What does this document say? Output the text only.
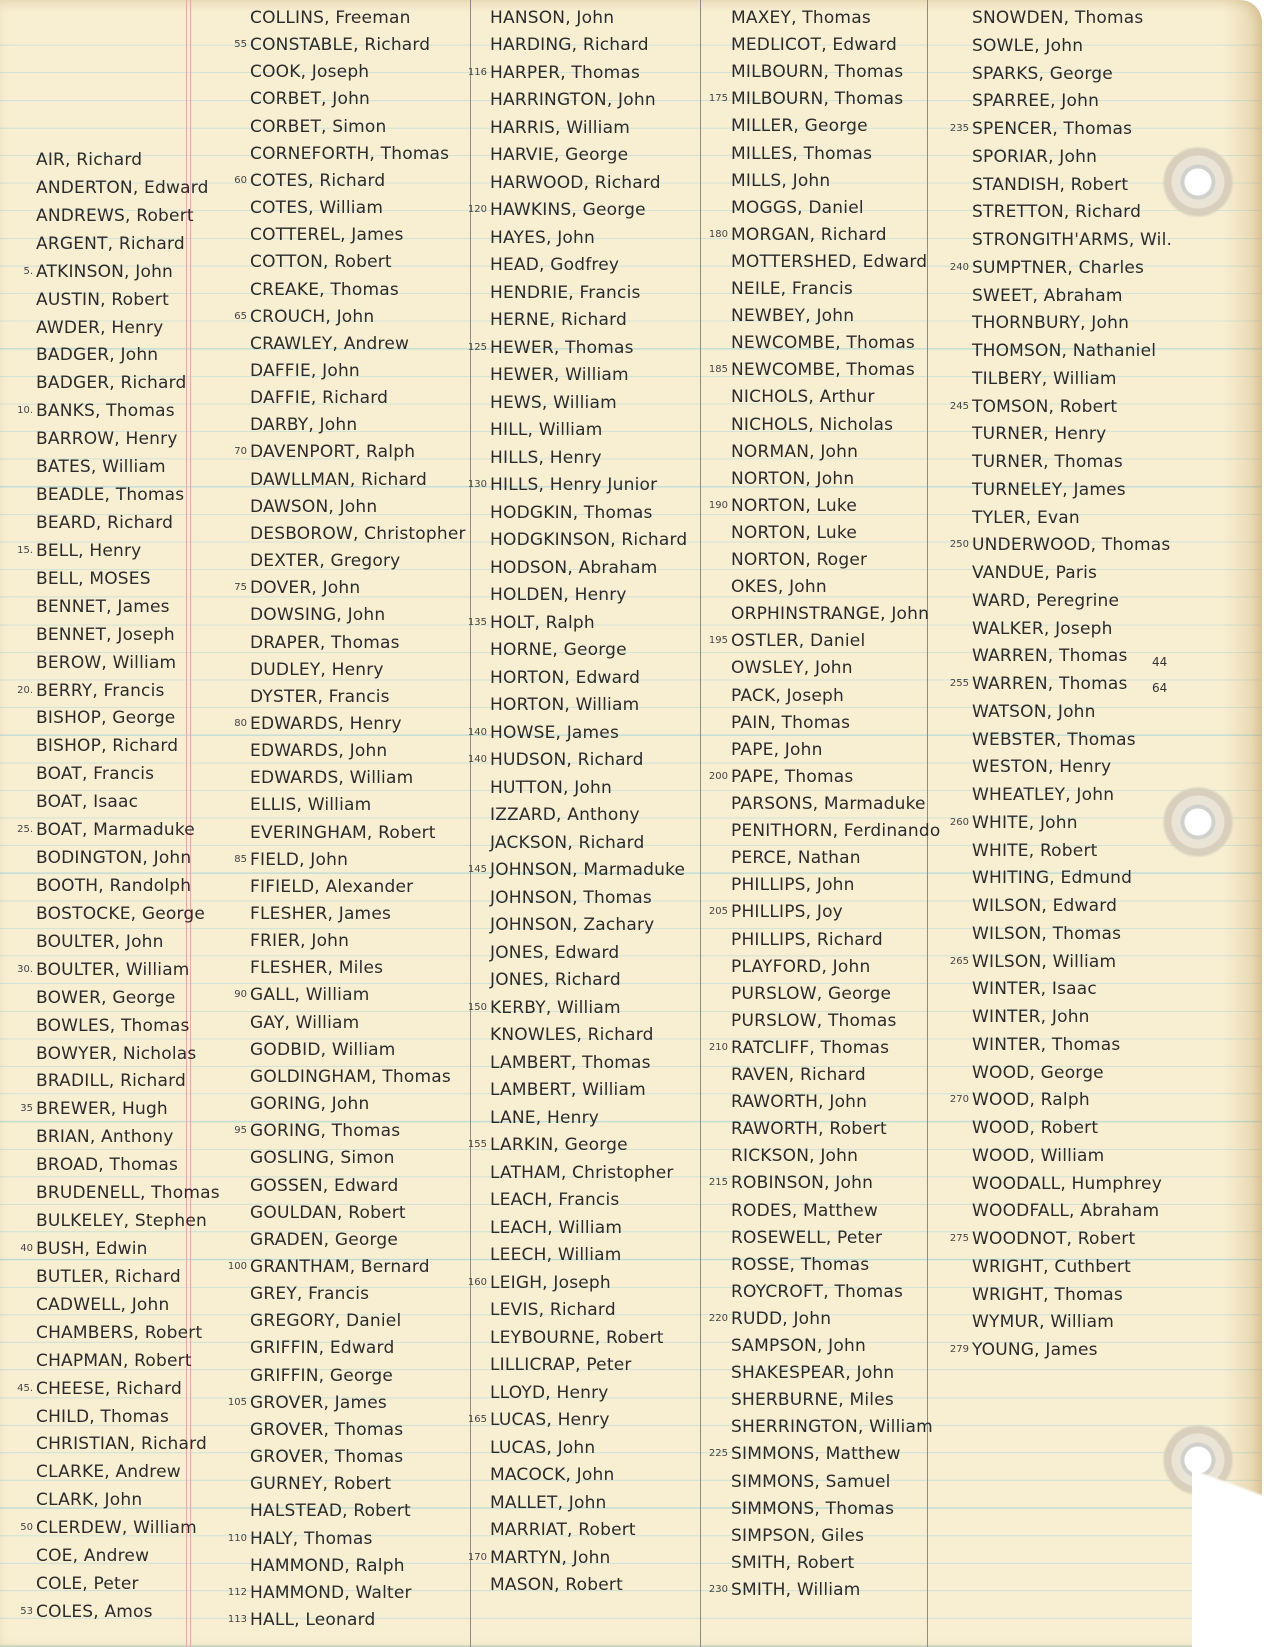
AIR, Richard
ANDERTON, Edward
ANDREWS, Robert
ARGENT, Richard
5. ATKINSON, John
AUSTIN, Robert
AWDER, Henry
BADGER, John
BADGER, Richard
10. BANKS, Thomas
BARROW, Henry
BATES, William
BEADLE, Thomas
BEARD, Richard
15. BELL, Henry
BELL, MOSES
BENNET, James
BENNET, Joseph
BEROW, William
20. BERRY, Francis
BISHOP, George
BISHOP, Richard
BOAT, Francis
BOAT, Isaac
25. BOAT, Marmaduke
BODINGTON, John
BOOTH, Randolph
BOSTOCKE, George
BOULTER, John
30. BOULTER, William
BOWER, George
BOWLES, Thomas
BOWYER, Nicholas
BRADILL, Richard
35 BREWER, Hugh
BRIAN, Anthony
BROAD, Thomas
BRUDENELL, Thomas
BULKELEY, Stephen
40 BUSH, Edwin
BUTLER, Richard
CADWELL, John
CHAMBERS, Robert
CHAPMAN, Robert
45. CHEESE, Richard
CHILD, Thomas
CHRISTIAN, Richard
CLARKE, Andrew
CLARK, John
50 CLERDEW, William
COE, Andrew
COLE, Peter
53 COLES, Amos
COLLINS, Freeman
55 CONSTABLE, Richard
COOK, Joseph
CORBET, John
CORBET, Simon
CORNEFORTH, Thomas
60 COTES, Richard
COTES, William
COTTEREL, James
COTTON, Robert
CREAKE, Thomas
65 CROUCH, John
CRAWLEY, Andrew
DAFFIE, John
DAFFIE, Richard
DARBY, John
70 DAVENPORT, Ralph
DAWLLMAN, Richard
DAWSON, John
DESBOROW, Christopher
DEXTER, Gregory
75 DOVER, John
DOWSING, John
DRAPER, Thomas
DUDLEY, Henry
DYSTER, Francis
80 EDWARDS, Henry
EDWARDS, John
EDWARDS, William
ELLIS, William
EVERINGHAM, Robert
85 FIELD, John
FIFIELD, Alexander
FLESHER, James
FRIER, John
FLESHER, Miles
90 GALL, William
GAY, William
GODBID, William
GOLDINGHAM, Thomas
GORING, John
95 GORING, Thomas
GOSLING, Simon
GOSSEN, Edward
GOULDAN, Robert
GRADEN, George
100 GRANTHAM, Bernard
GREY, Francis
GREGORY, Daniel
GRIFFIN, Edward
GRIFFIN, George
105 GROVER, James
GROVER, Thomas
GROVER, Thomas
GURNEY, Robert
HALSTEAD, Robert
110 HALY, Thomas
HAMMOND, Ralph
112 HAMMOND, Walter
113 HALL, Leonard
HANSON, John
HARDING, Richard
116 HARPER, Thomas
HARRINGTON, John
HARRIS, William
HARVIE, George
HARWOOD, Richard
120 HAWKINS, George
HAYES, John
HEAD, Godfrey
HENDRIE, Francis
HERNE, Richard
125 HEWER, Thomas
HEWER, William
HEWS, William
HILL, William
HILLS, Henry
130 HILLS, Henry Junior
HODGKIN, Thomas
HODGKINSON, Richard
HODSON, Abraham
HOLDEN, Henry
135 HOLT, Ralph
HORNE, George
HORTON, Edward
HORTON, William
140 HOWSE, James
140 HUDSON, Richard
HUTTON, John
IZZARD, Anthony
JACKSON, Richard
145 JOHNSON, Marmaduke
JOHNSON, Thomas
JOHNSON, Zachary
JONES, Edward
JONES, Richard
150 KERBY, William
KNOWLES, Richard
LAMBERT, Thomas
LAMBERT, William
LANE, Henry
155 LARKIN, George
LATHAM, Christopher
LEACH, Francis
LEACH, William
LEECH, William
160 LEIGH, Joseph
LEVIS, Richard
LEYBOURNE, Robert
LILLICRAP, Peter
LLOYD, Henry
165 LUCAS, Henry
LUCAS, John
MACOCK, John
MALLET, John
MARRIAT, Robert
170 MARTYN, John
MASON, Robert
MAXEY, Thomas
MEDLICOT, Edward
MILBOURN, Thomas
175 MILBOURN, Thomas
MILLER, George
MILLES, Thomas
MILLS, John
MOGGS, Daniel
180 MORGAN, Richard
MOTTERSHED, Edward
NEILE, Francis
NEWBEY, John
NEWCOMBE, Thomas
185 NEWCOMBE, Thomas
NICHOLS, Arthur
NICHOLS, Nicholas
NORMAN, John
NORTON, John
190 NORTON, Luke
NORTON, Luke
NORTON, Roger
OKES, John
ORPHINSTRANGE, John
195 OSTLER, Daniel
OWSLEY, John
PACK, Joseph
PAIN, Thomas
PAPE, John
200 PAPE, Thomas
PARSONS, Marmaduke
PENITHORN, Ferdinando
PERCE, Nathan
PHILLIPS, John
205 PHILLIPS, Joy
PHILLIPS, Richard
PLAYFORD, John
PURSLOW, George
PURSLOW, Thomas
210 RATCLIFF, Thomas
RAVEN, Richard
RAWORTH, John
RAWORTH, Robert
RICKSON, John
215 ROBINSON, John
RODES, Matthew
ROSEWELL, Peter
ROSSE, Thomas
ROYCROFT, Thomas
220 RUDD, John
SAMPSON, John
SHAKESPEAR, John
SHERBURNE, Miles
SHERRINGTON, William
225 SIMMONS, Matthew
SIMMONS, Samuel
SIMMONS, Thomas
SIMPSON, Giles
SMITH, Robert
230 SMITH, William
SNOWDEN, Thomas
SOWLE, John
SPARKS, George
SPARREE, John
235 SPENCER, Thomas
SPORIAR, John
STANDISH, Robert
STRETTON, Richard
STRONGITH'ARMS, Wil.
240 SUMPTNER, Charles
SWEET, Abraham
THORNBURY, John
THOMSON, Nathaniel
TILBERY, William
245 TOMSON, Robert
TURNER, Henry
TURNER, Thomas
TURNELEY, James
TYLER, Evan
250 UNDERWOOD, Thomas
VANDUE, Paris
WARD, Peregrine
WALKER, Joseph
WARREN, Thomas
255 WARREN, Thomas
WATSON, John
WEBSTER, Thomas
WESTON, Henry
WHEATLEY, John
260 WHITE, John
WHITE, Robert
WHITING, Edmund
WILSON, Edward
WILSON, Thomas
265 WILSON, William
WINTER, Isaac
WINTER, John
WINTER, Thomas
WOOD, George
270 WOOD, Ralph
WOOD, Robert
WOOD, William
WOODALL, Humphrey
WOODFALL, Abraham
275 WOODNOT, Robert
WRIGHT, Cuthbert
WRIGHT, Thomas
WYMUR, William
279 YOUNG, James
44
64
